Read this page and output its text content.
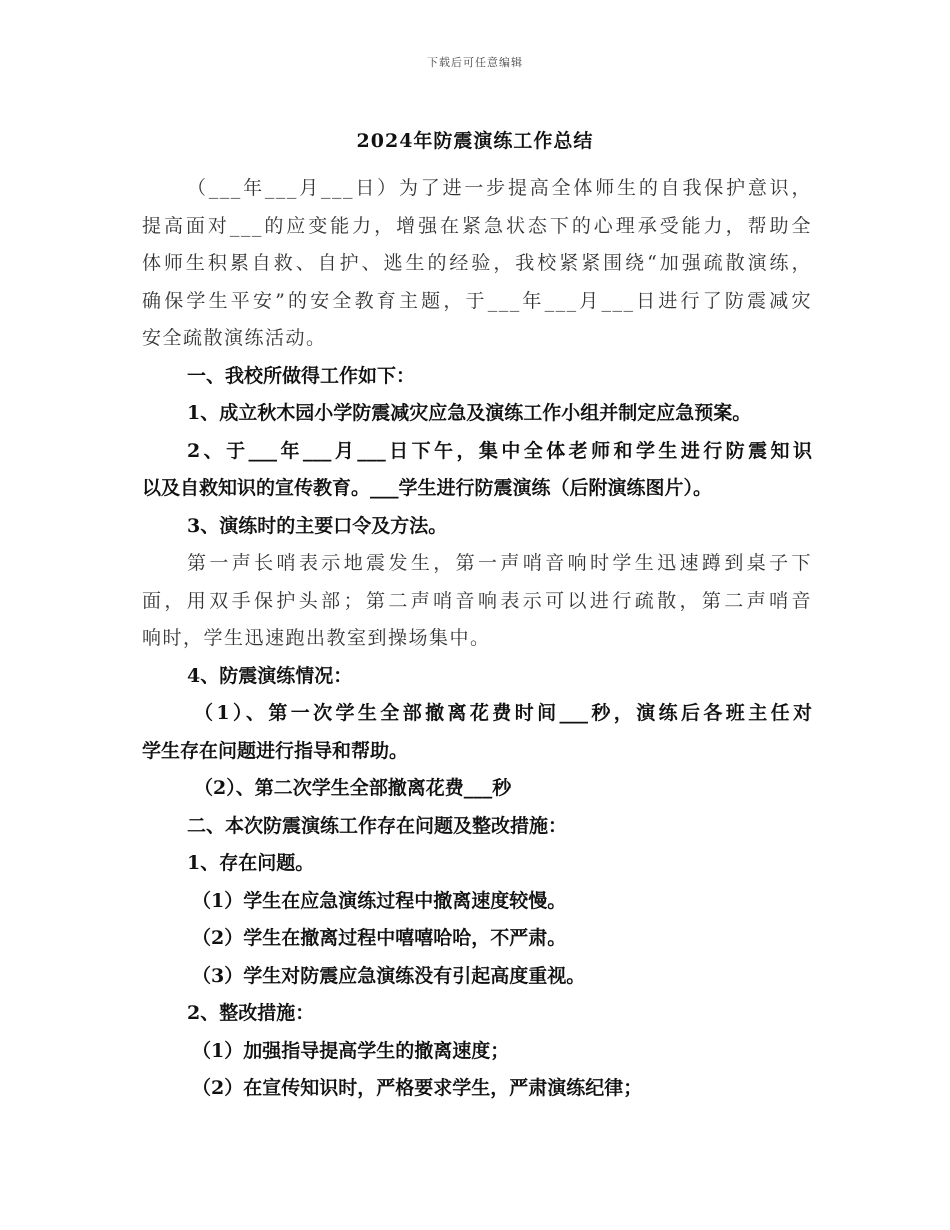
下载后可任意编辑
2024年防震演练工作总结
（___年___月___日）为了进一步提高全体师生的自我保护意识，
提高面对___的应变能力，增强在紧急状态下的心理承受能力，帮助全
体师生积累自救、自护、逃生的经验，我校紧紧围绕“加强疏散演练，
确保学生平安”的安全教育主题，于___年___月___日进行了防震减灾
安全疏散演练活动。
一、我校所做得工作如下：
1、成立秋木园小学防震减灾应急及演练工作小组并制定应急预案。
2、于___年___月___日下午，集中全体老师和学生进行防震知识
以及自救知识的宣传教育。___学生进行防震演练（后附演练图片）。
3、演练时的主要口令及方法。
第一声长哨表示地震发生，第一声哨音响时学生迅速蹲到桌子下
面，用双手保护头部；第二声哨音响表示可以进行疏散，第二声哨音
响时，学生迅速跑出教室到操场集中。
4、防震演练情况：
（1）、第一次学生全部撤离花费时间___秒，演练后各班主任对
学生存在问题进行指导和帮助。
（2）、第二次学生全部撤离花费___秒
二、本次防震演练工作存在问题及整改措施：
1、存在问题。
（1）学生在应急演练过程中撤离速度较慢。
（2）学生在撤离过程中嘻嘻哈哈，不严肃。
（3）学生对防震应急演练没有引起高度重视。
2、整改措施：
（1）加强指导提高学生的撤离速度；
（2）在宣传知识时，严格要求学生，严肃演练纪律；
